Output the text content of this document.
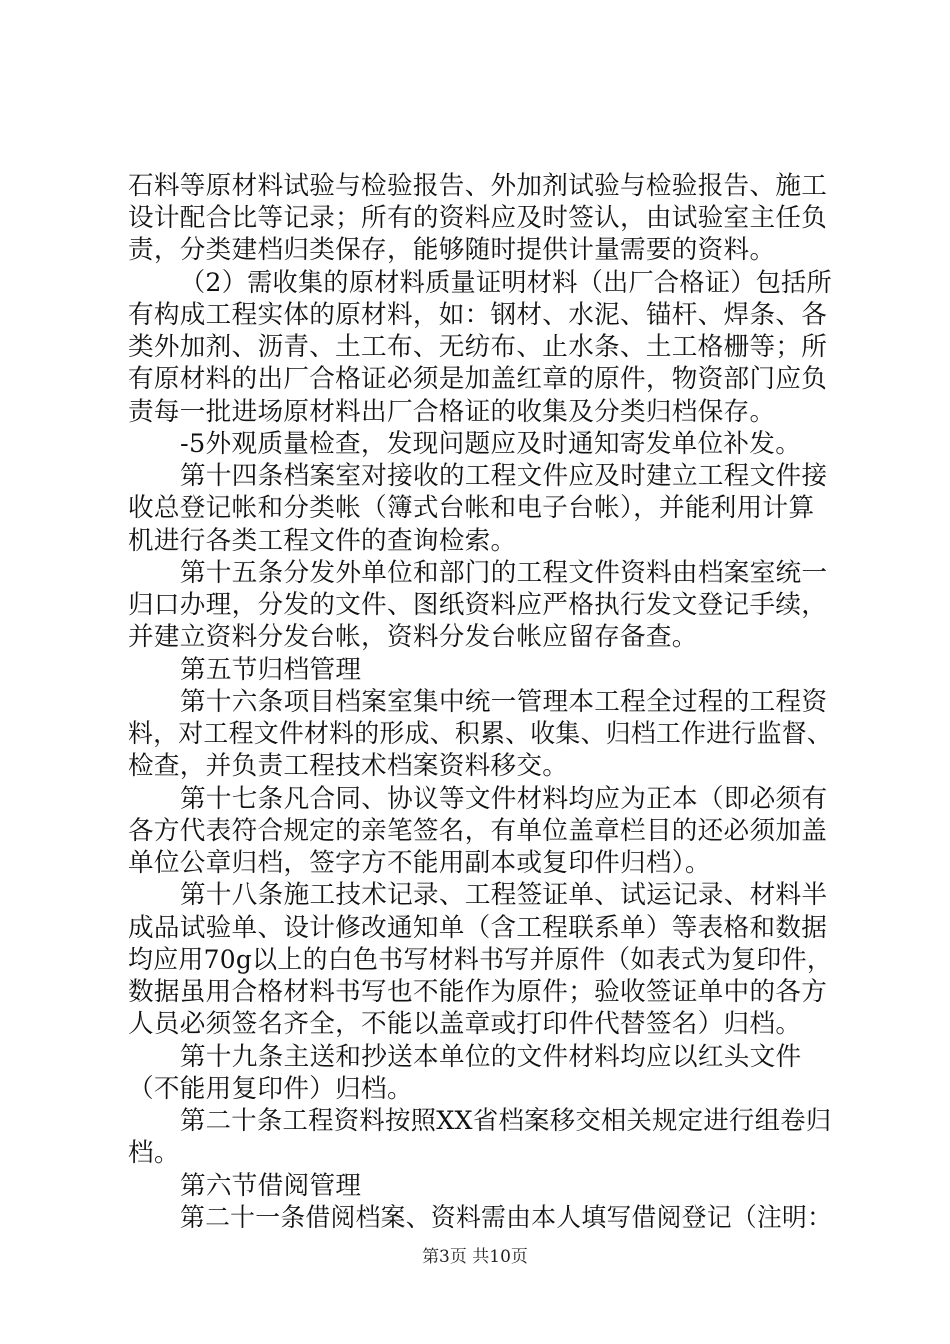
石料等原材料试验与检验报告、外加剂试验与检验报告、施工
设计配合比等记录；所有的资料应及时签认，由试验室主任负
责，分类建档归类保存，能够随时提供计量需要的资料。
（2）需收集的原材料质量证明材料（出厂合格证）包括所
有构成工程实体的原材料，如：钢材、水泥、锚杆、焊条、各
类外加剂、沥青、土工布、无纺布、止水条、土工格栅等；所
有原材料的出厂合格证必须是加盖红章的原件，物资部门应负
责每一批进场原材料出厂合格证的收集及分类归档保存。
-5外观质量检查，发现问题应及时通知寄发单位补发。
第十四条档案室对接收的工程文件应及时建立工程文件接
收总登记帐和分类帐（簿式台帐和电子台帐），并能利用计算
机进行各类工程文件的查询检索。
第十五条分发外单位和部门的工程文件资料由档案室统一
归口办理，分发的文件、图纸资料应严格执行发文登记手续，
并建立资料分发台帐，资料分发台帐应留存备查。
第五节归档管理
第十六条项目档案室集中统一管理本工程全过程的工程资
料，对工程文件材料的形成、积累、收集、归档工作进行监督、
检查，并负责工程技术档案资料移交。
第十七条凡合同、协议等文件材料均应为正本（即必须有
各方代表符合规定的亲笔签名，有单位盖章栏目的还必须加盖
单位公章归档，签字方不能用副本或复印件归档）。
第十八条施工技术记录、工程签证单、试运记录、材料半
成品试验单、设计修改通知单（含工程联系单）等表格和数据
均应用70g以上的白色书写材料书写并原件（如表式为复印件，
数据虽用合格材料书写也不能作为原件；验收签证单中的各方
人员必须签名齐全，不能以盖章或打印件代替签名）归档。
第十九条主送和抄送本单位的文件材料均应以红头文件
（不能用复印件）归档。
第二十条工程资料按照XX省档案移交相关规定进行组卷归
档。
第六节借阅管理
第二十一条借阅档案、资料需由本人填写借阅登记（注明：
第3页 共10页
